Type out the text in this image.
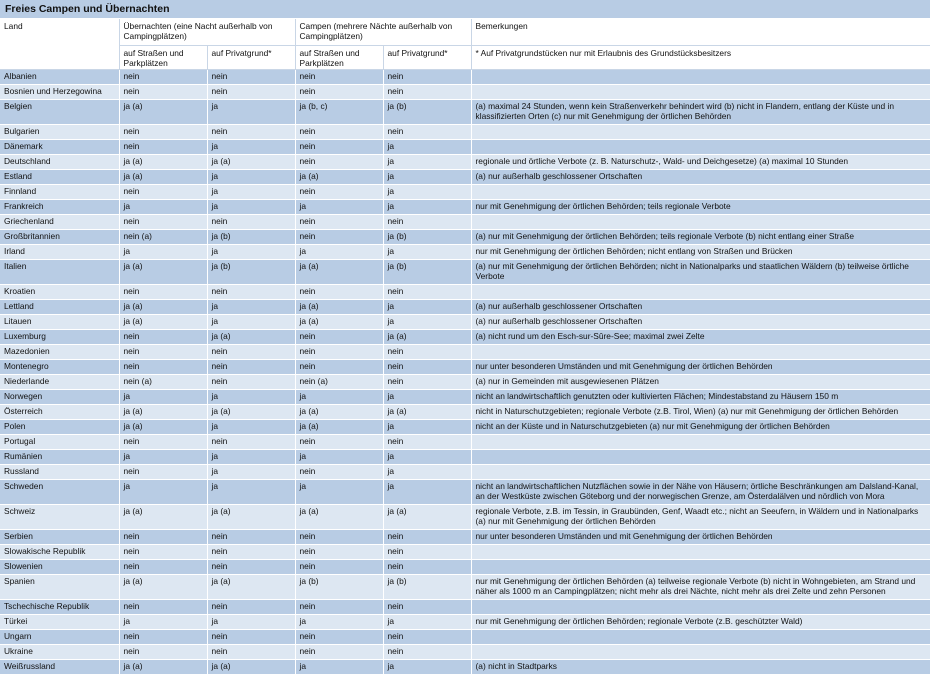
Freies Campen und Übernachten
Land	Übernachten (eine Nacht außerhalb von Campingplätzen)		Campen (mehrere Nächte außerhalb von Campingplätzen)		Bemerkungen
	auf Straßen und Parkplätzen	auf Privatgrund*	auf Straßen und Parkplätzen	auf Privatgrund*	* Auf Privatgrundstücken nur mit Erlaubnis des Grundstücksbesitzers
Albanien	nein	nein	nein	nein	
Bosnien und Herzegowina	nein	nein	nein	nein	
Belgien	ja (a)	ja	ja (b, c)	ja (b)	(a) maximal 24 Stunden, wenn kein Straßenverkehr behindert wird (b) nicht in Flandern, entlang der Küste und in klassifizierten Orten (c) nur mit Genehmigung der örtlichen Behörden
Bulgarien	nein	nein	nein	nein	
Dänemark	nein	ja	nein	ja	
Deutschland	ja (a)	ja (a)	nein	ja	regionale und örtliche Verbote (z. B. Naturschutz-, Wald- und Deichgesetze) (a) maximal 10 Stunden
Estland	ja (a)	ja	ja (a)	ja	(a) nur außerhalb geschlossener Ortschaften
Finnland	nein	ja	nein	ja	
Frankreich	ja	ja	ja	ja	nur mit Genehmigung der örtlichen Behörden; teils regionale Verbote
Griechenland	nein	nein	nein	nein	
Großbritannien	nein (a)	ja (b)	nein	ja (b)	(a) nur mit Genehmigung der örtlichen Behörden; teils regionale Verbote (b) nicht entlang einer Straße
Irland	ja	ja	ja	ja	nur mit Genehmigung der örtlichen Behörden; nicht entlang von Straßen und Brücken
Italien	ja (a)	ja (b)	ja (a)	ja (b)	(a) nur mit Genehmigung der örtlichen Behörden; nicht in Nationalparks und staatlichen Wäldern (b) teilweise örtliche Verbote
Kroatien	nein	nein	nein	nein	
Lettland	ja (a)	ja	ja (a)	ja	(a) nur außerhalb geschlossener Ortschaften
Litauen	ja (a)	ja	ja (a)	ja	(a) nur außerhalb geschlossener Ortschaften
Luxemburg	nein	ja (a)	nein	ja (a)	(a) nicht rund um den Esch-sur-Sûre-See; maximal zwei Zelte
Mazedonien	nein	nein	nein	nein	
Montenegro	nein	nein	nein	nein	nur unter besonderen Umständen und mit Genehmigung der örtlichen Behörden
Niederlande	nein (a)	nein	nein (a)	nein	(a) nur in Gemeinden mit ausgewiesenen Plätzen
Norwegen	ja	ja	ja	ja	nicht an landwirtschaftlich genutzten oder kultivierten Flächen; Mindestabstand zu Häusern 150 m
Österreich	ja (a)	ja (a)	ja (a)	ja (a)	nicht in Naturschutzgebieten; regionale Verbote (z.B. Tirol, Wien) (a) nur mit Genehmigung der örtlichen Behörden
Polen	ja (a)	ja	ja (a)	ja	nicht an der Küste und in Naturschutzgebieten (a) nur mit Genehmigung der örtlichen Behörden
Portugal	nein	nein	nein	nein	
Rumänien	ja	ja	ja	ja	
Russland	nein	ja	nein	ja	
Schweden	ja	ja	ja	ja	nicht an landwirtschaftlichen Nutzflächen sowie in der Nähe von Häusern; örtliche Beschränkungen am Dalsland-Kanal, an der Westküste zwischen Göteborg und der norwegischen Grenze, am Österdalälven und nördlich von Mora
Schweiz	ja (a)	ja (a)	ja (a)	ja (a)	regionale Verbote, z.B. im Tessin, in Graubünden, Genf, Waadt etc.; nicht an Seeufern, in Wäldern und in Nationalparks (a) nur mit Genehmigung der örtlichen Behörden
Serbien	nein	nein	nein	nein	nur unter besonderen Umständen und mit Genehmigung der örtlichen Behörden
Slowakische Republik	nein	nein	nein	nein	
Slowenien	nein	nein	nein	nein	
Spanien	ja (a)	ja (a)	ja (b)	ja (b)	nur mit Genehmigung der örtlichen Behörden (a) teilweise regionale Verbote (b) nicht in Wohngebieten, am Strand und näher als 1000 m an Campingplätzen; nicht mehr als drei Nächte, nicht mehr als drei Zelte und zehn Personen
Tschechische Republik	nein	nein	nein	nein	
Türkei	ja	ja	ja	ja	nur mit Genehmigung der örtlichen Behörden; regionale Verbote (z.B. geschützter Wald)
Ungarn	nein	nein	nein	nein	
Ukraine	nein	nein	nein	nein	
Weißrussland	ja (a)	ja (a)	ja	ja	(a) nicht in Stadtparks
